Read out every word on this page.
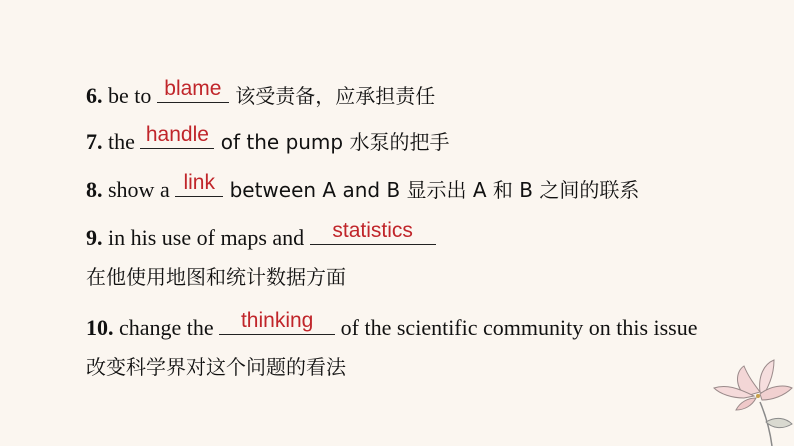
6. be to blame 该受责备，应承担责任
7. the handle of the pump 水泵的把手
8. show a link between A and B 显示出 A 和 B 之间的联系
9. in his use of maps and	statistics
在他使用地图和统计数据方面
10. change the	thinking of the scientific community on this issue
改变科学界对这个问题的看法
